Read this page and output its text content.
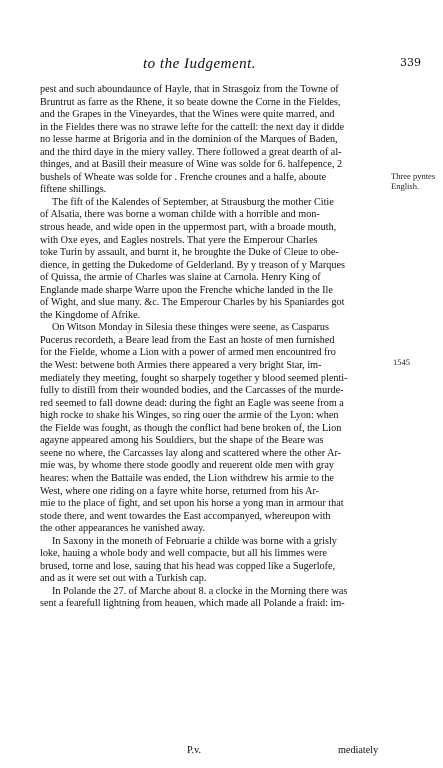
to the Iudgement.	339
pest and such aboundaunce of Hayle, that in Strasgoiz from the Towne of
Bruntrut as farre as the Rhene, it so beate downe the Corne in the Fieldes,
and the Grapes in the Vineyardes, that the Wines were quite marred, and
in the Fieldes there was no strawe lefte for the cattell: the next day it didde
no lesse harme at Brigoria and in the dominion of the Marques of Baden,
and the third daye in the miery valley. There followed a great dearth of al-
thinges, and at Basill their measure of Wine was solde for 6. halfepence, 2
bushels of Wheate was solde for . Frenche crounes and a halfe, aboute
fiftene shillings.
The fift of the Kalendes of September, at Strausburg the mother Citie
of Alsatia, there was borne a woman childe with a horrible and mon-
strous heade, and wide open in the uppermost part, with a broade mouth,
with Oxe eyes, and Eagles nostrels. That yere the Emperour Charles
toke Turin by assault, and burnt it, he broughte the Duke of Cleue to obe-
dience, in getting the Dukedome of Gelderland. By y treason of y Marques
of Quissa, the armie of Charles was slaine at Carnola. Henry King of
Englande made sharpe Warre upon the Frenche whiche landed in the Ile
of Wight, and slue many. &c. The Emperour Charles by his Spaniardes got
the Kingdome of Afrike.
On Witson Monday in Silesia these thinges were seene, as Casparus
Pucerus recordeth, a Beare lead from the East an hoste of men furnished
for the Fielde, whome a Lion with a power of armed men encountred fro
the West: betwene both Armies there appeared a very bright Star, im-
mediately they meeting, fought so sharpely together y blood seemed plenti-
fully to distill from their wounded bodies, and the Carcasses of the murde-
red seemed to fall downe dead: during the fight an Eagle was seene from a
high rocke to shake his Winges, so ring ouer the armie of the Lyon: when
the Fielde was fought, as though the conflict had bene broken of, the Lion
agayne appeared among his Souldiers, but the shape of the Beare was
seene no where, the Carcasses lay along and scattered where the other Ar-
mie was, by whome there stode goodly and reuerent olde men with gray
heares: when the Battaile was ended, the Lion withdrew his armie to the
West, where one riding on a fayre white horse, returned from his Ar-
mie to the place of fight, and set upon his horse a yong man in armour that
stode there, and went towardes the East accompanyed, whereupon with
the other appearances he vanished away.
In Saxony in the moneth of Februarie a childe was borne with a grisly
loke, hauing a whole body and well compacte, but all his limmes were
brused, torne and lose, sauing that his head was copped like a Sugerlofe,
and as it were set out with a Turkish cap.
In Polande the 27. of Marche about 8. a clocke in the Morning there was
sent a fearefull lightning from heauen, which made all Polande a fraid: im-
Three pyntes English.
1545
P.v.	mediately
